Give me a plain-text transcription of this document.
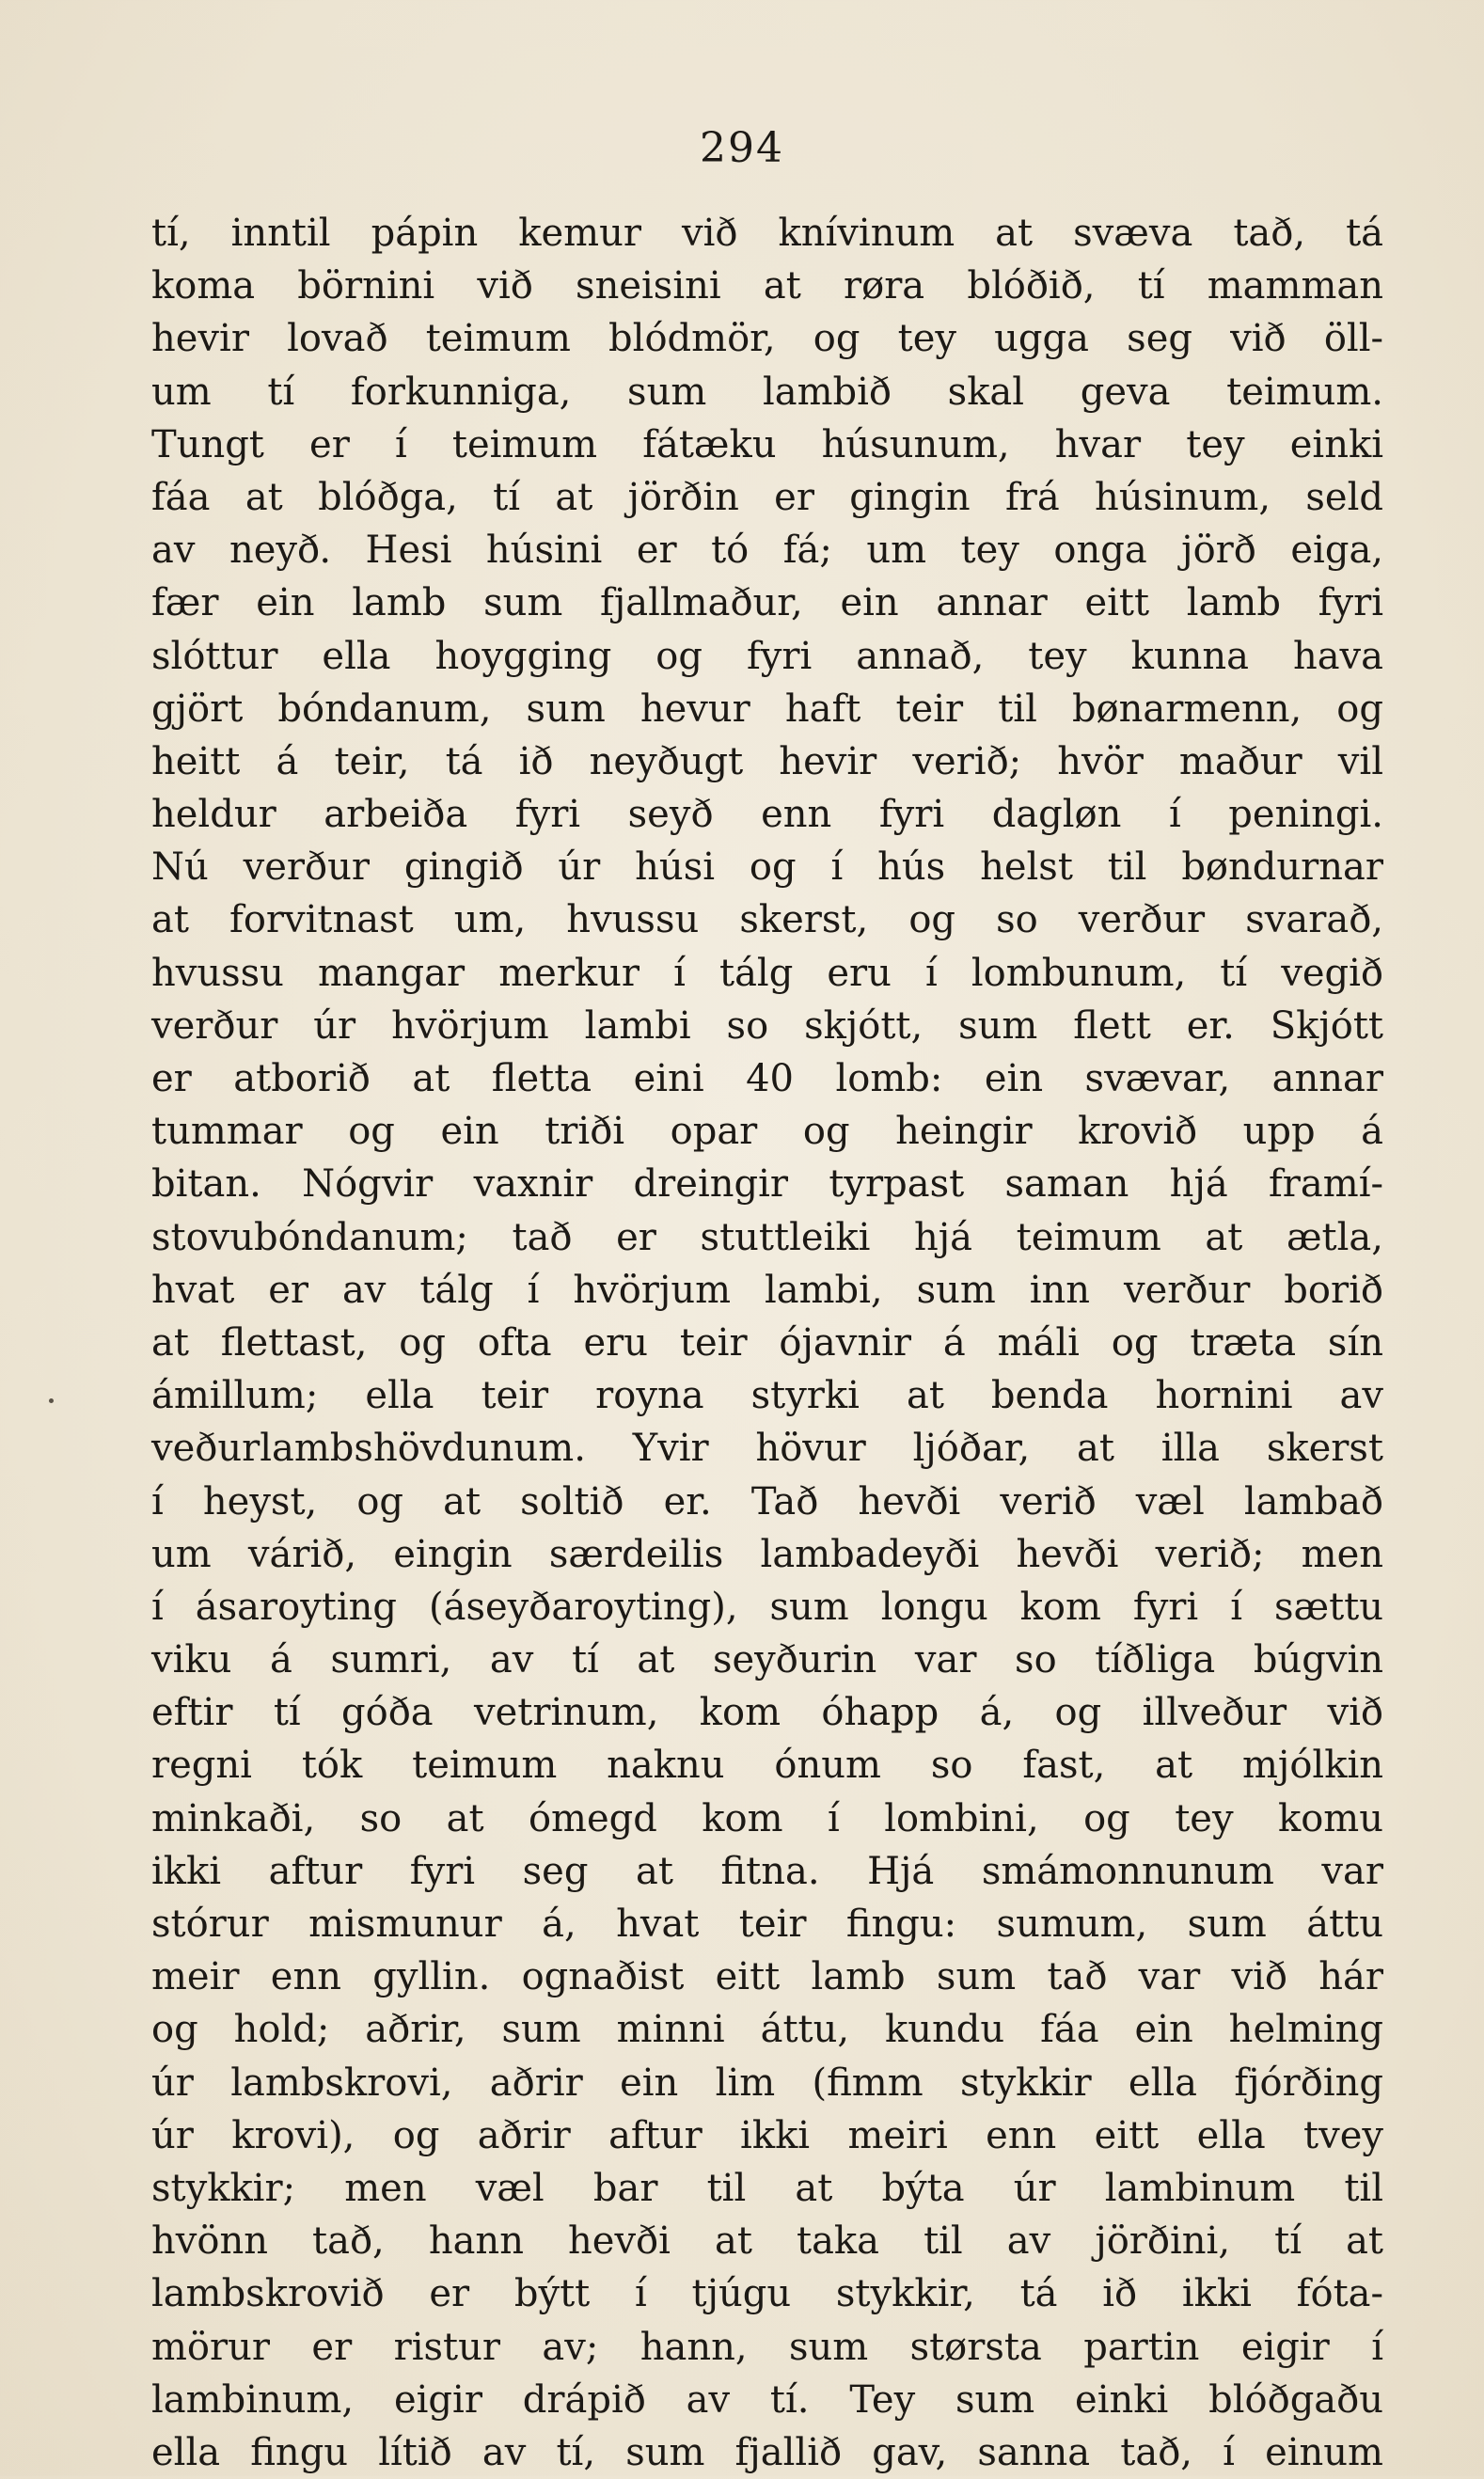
294
tí, inntil pápin kemur við knívinum at svæva tað, tá
koma börnini við sneisini at røra blóðið, tí mamman
hevir lovað teimum blódmör, og tey ugga seg við öll-
um tí forkunniga, sum lambið skal geva teimum.
Tungt er í teimum fátæku húsunum, hvar tey einki
fáa at blóðga, tí at jörðin er gingin frá húsinum, seld
av neyð. Hesi húsini er tó fá; um tey onga jörð eiga,
fær ein lamb sum fjallmaður, ein annar eitt lamb fyri
slóttur ella hoygging og fyri annað, tey kunna hava
gjört bóndanum, sum hevur haft teir til bønarmenn, og
heitt á teir, tá ið neyðugt hevir verið; hvör maður vil
heldur arbeiða fyri seyð enn fyri dagløn í peningi.
Nú verður gingið úr húsi og í hús helst til bøndurnar
at forvitnast um, hvussu skerst, og so verður svarað,
hvussu mangar merkur í tálg eru í lombunum, tí vegið
verður úr hvörjum lambi so skjótt, sum flett er. Skjótt
er atborið at fletta eini 40 lomb: ein svævar, annar
tummar og ein triði opar og heingir krovið upp á
bitan. Nógvir vaxnir dreingir tyrpast saman hjá framí-
stovubóndanum; tað er stuttleiki hjá teimum at ætla,
hvat er av tálg í hvörjum lambi, sum inn verður borið
at flettast, og ofta eru teir ójavnir á máli og træta sín
ámillum; ella teir royna styrki at benda hornini av
veðurlambshövdunum. Yvir hövur ljóðar, at illa skerst
í heyst, og at soltið er. Tað hevði verið væl lambað
um várið, eingin særdeilis lambadeyði hevði verið; men
í ásaroyting (áseyðaroyting), sum longu kom fyri í sættu
viku á sumri, av tí at seyðurin var so tíðliga búgvin
eftir tí góða vetrinum, kom óhapp á, og illveður við
regni tók teimum naknu ónum so fast, at mjólkin
minkaði, so at ómegd kom í lombini, og tey komu
ikki aftur fyri seg at fitna. Hjá smámonnunum var
stórur mismunur á, hvat teir fingu: sumum, sum áttu
meir enn gyllin. ognaðist eitt lamb sum tað var við hár
og hold; aðrir, sum minni áttu, kundu fáa ein helming
úr lambskrovi, aðrir ein lim (fimm stykkir ella fjórðing
úr krovi), og aðrir aftur ikki meiri enn eitt ella tvey
stykkir; men væl bar til at býta úr lambinum til
hvönn tað, hann hevði at taka til av jörðini, tí at
lambskrovið er býtt í tjúgu stykkir, tá ið ikki fóta-
mörur er ristur av; hann, sum størsta partin eigir í
lambinum, eigir drápið av tí. Tey sum einki blóðgaðu
ella fingu lítið av tí, sum fjallið gav, sanna tað, í einum
